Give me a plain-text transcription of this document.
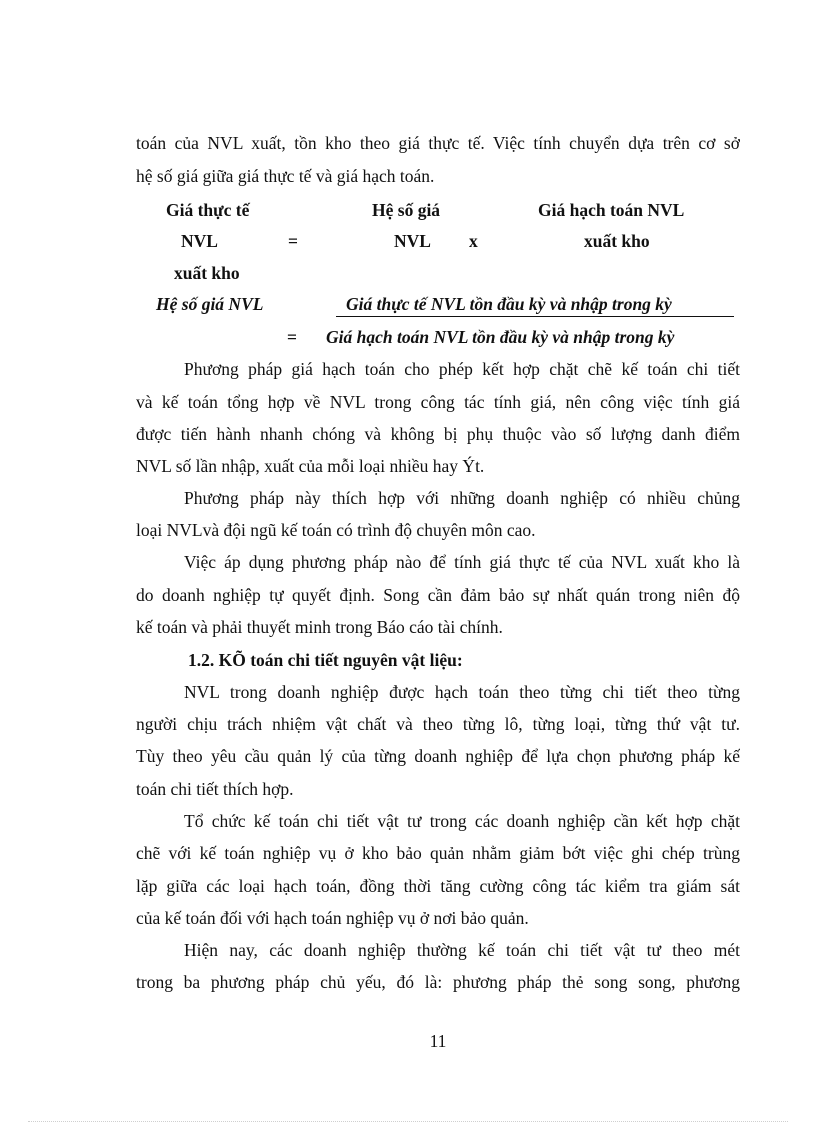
toán của NVL xuất, tồn kho theo giá thực tế. Việc tính chuyển dựa trên cơ sở
hệ số giá giữa giá thực tế và giá hạch toán.
Giá thực tế	Hệ số giá	Giá hạch toán NVL
NVL	=	NVL x	xuất kho
xuất kho
Hệ số giá NVL	Giá thực tế NVL tồn đầu kỳ và nhập trong kỳ
= Giá hạch toán NVL tồn đầu kỳ và nhập trong kỳ
Phương pháp giá hạch toán cho phép kết hợp chặt chẽ kế toán chi tiết
và kế toán tổng hợp về NVL trong công tác tính giá, nên công việc tính giá
được tiến hành nhanh chóng và không bị phụ thuộc vào số lượng danh điểm
NVL số lần nhập, xuất của mỗi loại nhiều hay Ýt.
Phương pháp này thích hợp với những doanh nghiệp có nhiều chủng
loại NVLvà đội ngũ kế toán có trình độ chuyên môn cao.
Việc áp dụng phương pháp nào để tính giá thực tế của NVL xuất kho là
do doanh nghiệp tự quyết định. Song cần đảm bảo sự nhất quán trong niên độ
kế toán và phải thuyết minh trong Báo cáo tài chính.
1.2. KÕ toán chi tiết nguyên vật liệu:
NVL trong doanh nghiệp được hạch toán theo từng chi tiết theo từng
người chịu trách nhiệm vật chất và theo từng lô, từng loại, từng thứ vật tư.
Tùy theo yêu cầu quản lý của từng doanh nghiệp để lựa chọn phương pháp kế
toán chi tiết thích hợp.
Tổ chức kế toán chi tiết vật tư trong các doanh nghiệp cần kết hợp chặt
chẽ với kế toán nghiệp vụ ở kho bảo quản nhằm giảm bớt việc ghi chép trùng
lặp giữa các loại hạch toán, đồng thời tăng cường công tác kiểm tra giám sát
của kế toán đối với hạch toán nghiệp vụ ở nơi bảo quản.
Hiện nay, các doanh nghiệp thường kế toán chi tiết vật tư theo mét
trong ba phương pháp chủ yếu, đó là: phương pháp thẻ song song, phương
11
